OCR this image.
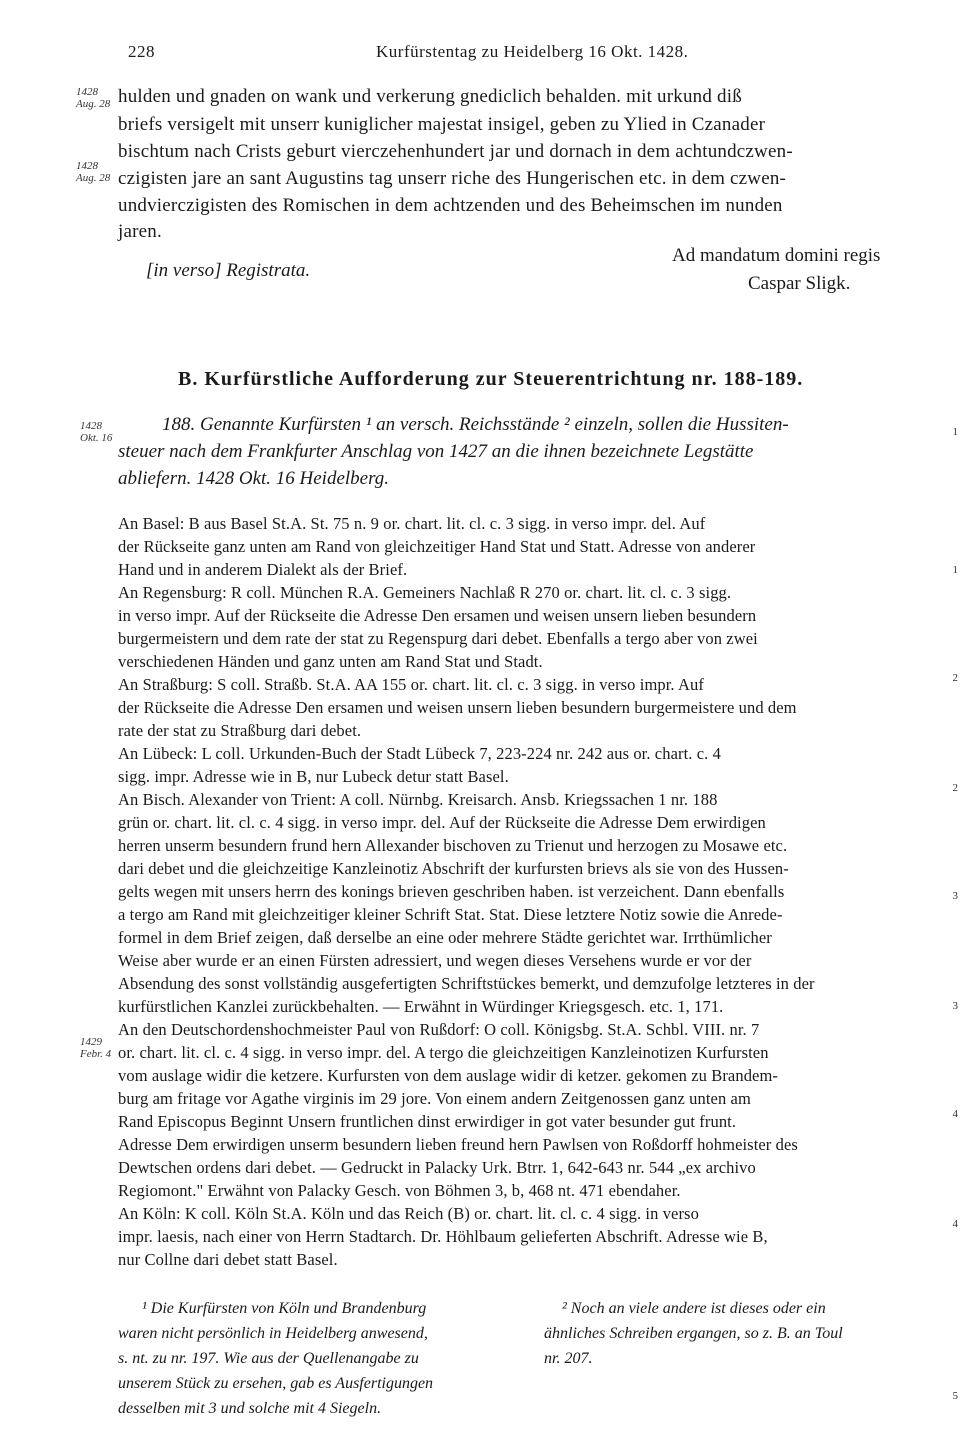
228	Kurfürstentag zu Heidelberg 16 Okt. 1428.
1428
Aug. 28
1428
Aug. 28
1428
Okt. 16
1429
Febr. 4
hulden und gnaden on wank und verkerung gnediclich behalden. mit urkund diß
briefs versigelt mit unserr kuniglicher majestat insigel, geben zu Ylied in Czanader
bischtum nach Crists geburt vierczehenhundert jar und dornach in dem achtundczwen-
czigisten jare an sant Augustins tag unserr riche des Hungerischen etc. in dem czwen-
undvierczigisten des Romischen in dem achtzenden und des Beheimschen im nunden
jaren.
[in verso] Registrata.
Ad mandatum domini regis
Caspar Sligk.
B. Kurfürstliche Aufforderung zur Steuerentrichtung nr. 188-189.
188. Genannte Kurfürsten ¹ an versch. Reichsstände ² einzeln, sollen die Hussiten-
steuer nach dem Frankfurter Anschlag von 1427 an die ihnen bezeichnete Legstätte
abliefern. 1428 Okt. 16 Heidelberg.
An Basel: B aus Basel St.A. St. 75 n. 9 or. chart. lit. cl. c. 3 sigg. in verso impr. del. Auf
der Rückseite ganz unten am Rand von gleichzeitiger Hand Stat und Statt. Adresse von anderer
Hand und in anderem Dialekt als der Brief.
An Regensburg: R coll. München R.A. Gemeiners Nachlaß R 270 or. chart. lit. cl. c. 3 sigg.
in verso impr. Auf der Rückseite die Adresse Den ersamen und weisen unsern lieben besundern
burgermeistern und dem rate der stat zu Regenspurg dari debet. Ebenfalls a tergo aber von zwei
verschiedenen Händen und ganz unten am Rand Stat und Stadt.
An Straßburg: S coll. Straßb. St.A. AA 155 or. chart. lit. cl. c. 3 sigg. in verso impr. Auf
der Rückseite die Adresse Den ersamen und weisen unsern lieben besundern burgermeistere und dem
rate der stat zu Straßburg dari debet.
An Lübeck: L coll. Urkunden-Buch der Stadt Lübeck 7, 223-224 nr. 242 aus or. chart. c. 4
sigg. impr. Adresse wie in B, nur Lubeck detur statt Basel.
An Bisch. Alexander von Trient: A coll. Nürnbg. Kreisarch. Ansb. Kriegssachen 1 nr. 188
grün or. chart. lit. cl. c. 4 sigg. in verso impr. del. Auf der Rückseite die Adresse Dem erwirdigen
herren unserm besundern frund hern Allexander bischoven zu Trienut und herzogen zu Mosawe etc.
dari debet und die gleichzeitige Kanzleinotiz Abschrift der kurfursten brievs als sie von des Hussen-
gelts wegen mit unsers herrn des konings brieven geschriben haben. ist verzeichent. Dann ebenfalls
a tergo am Rand mit gleichzeitiger kleiner Schrift Stat. Stat. Diese letztere Notiz sowie die Anrede-
formel in dem Brief zeigen, daß derselbe an eine oder mehrere Städte gerichtet war. Irrthümlicher
Weise aber wurde er an einen Fürsten adressiert, und wegen dieses Versehens wurde er vor der
Absendung des sonst vollständig ausgefertigten Schriftstückes bemerkt, und demzufolge letzteres in der
kurfürstlichen Kanzlei zurückbehalten. — Erwähnt in Würdinger Kriegsgesch. etc. 1, 171.
An den Deutschordenshochmeister Paul von Rußdorf: O coll. Königsbg. St.A. Schbl. VIII. nr. 7
or. chart. lit. cl. c. 4 sigg. in verso impr. del. A tergo die gleichzeitigen Kanzleinotizen Kurfursten
vom auslage widir die ketzere. Kurfursten von dem auslage widir di ketzer. gekomen zu Brandem-
burg am fritage vor Agathe virginis im 29 jore. Von einem andern Zeitgenossen ganz unten am
Rand Episcopus Beginnt Unsern fruntlichen dinst erwirdiger in got vater besunder gut frunt.
Adresse Dem erwirdigen unserm besundern lieben freund hern Pawlsen von Roßdorff hohmeister des
Dewtschen ordens dari debet. — Gedruckt in Palacky Urk. Btrr. 1, 642-643 nr. 544 „ex archivo
Regiomont." Erwähnt von Palacky Gesch. von Böhmen 3, b, 468 nt. 471 ebendaher.
An Köln: K coll. Köln St.A. Köln und das Reich (B) or. chart. lit. cl. c. 4 sigg. in verso
impr. laesis, nach einer von Herrn Stadtarch. Dr. Höhlbaum gelieferten Abschrift. Adresse wie B,
nur Collne dari debet statt Basel.
¹ Die Kurfürsten von Köln und Brandenburg
waren nicht persönlich in Heidelberg anwesend,
s. nt. zu nr. 197. Wie aus der Quellenangabe zu
unserem Stück zu ersehen, gab es Ausfertigungen
desselben mit 3 und solche mit 4 Siegeln.
² Noch an viele andere ist dieses oder ein
ähnliches Schreiben ergangen, so z. B. an Toul
nr. 207.
1
1
2
2
3
3
4
4
5
